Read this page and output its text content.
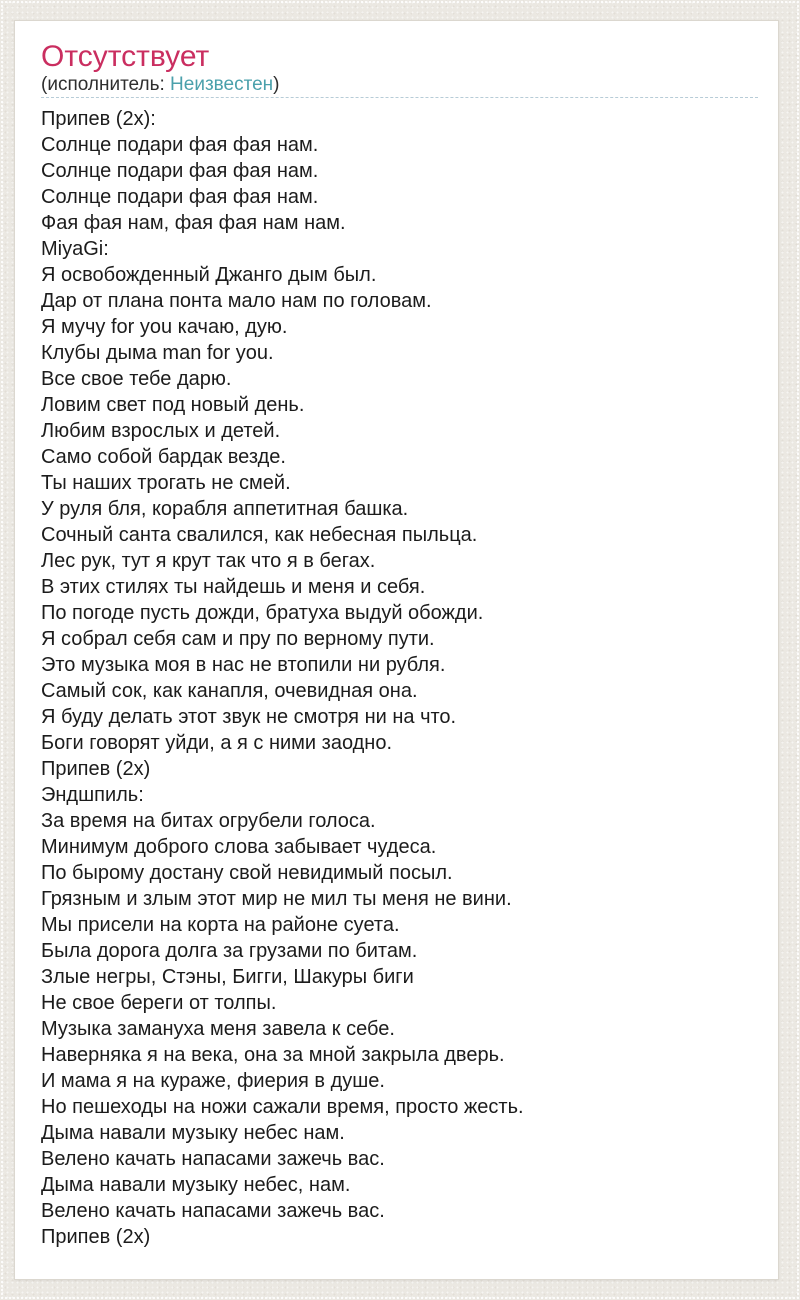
Отсутствует
(исполнитель: Неизвестен)
Припев (2x):
Солнце подари фая фая нам.
Солнце подари фая фая нам.
Солнце подари фая фая нам.
Фая фая нам, фая фая нам нам.
MiyaGi:
Я освобожденный Джанго дым был.
Дар от плана понта мало нам по головам.
Я мучу for you качаю, дую.
Клубы дыма man for you.
Все свое тебе дарю.
Ловим свет под новый день.
Любим взрослых и детей.
Само собой бардак везде.
Ты наших трогать не смей.
У руля бля, корабля аппетитная башка.
Сочный санта свалился, как небесная пыльца.
Лес рук, тут я крут так что я в бегах.
В этих стилях ты найдешь и меня и себя.
По погоде пусть дожди, братуха выдуй обожди.
Я собрал себя сам и пру по верному пути.
Это музыка моя в нас не втопили ни рубля.
Самый сок, как канапля, очевидная она.
Я буду делать этот звук не смотря ни на что.
Боги говорят уйди, а я с ними заодно.
Припев (2x)
Эндшпиль:
За время на битах огрубели голоса.
Минимум доброго слова забывает чудеса.
По бырому достану свой невидимый посыл.
Грязным и злым этот мир не мил ты меня не вини.
Мы присели на корта на районе суета.
Была дорога долга за грузами по битам.
Злые негры, Стэны, Бигги, Шакуры биги
Не свое береги от толпы.
Музыка замануха меня завела к себе.
Наверняка я на века, она за мной закрыла дверь.
И мама я на кураже, фиерия в душе.
Но пешеходы на ножи сажали время, просто жесть.
Дыма навали музыку небес нам.
Велено качать напасами зажечь вас.
Дыма навали музыку небес, нам.
Велено качать напасами зажечь вас.
Припев (2x)
